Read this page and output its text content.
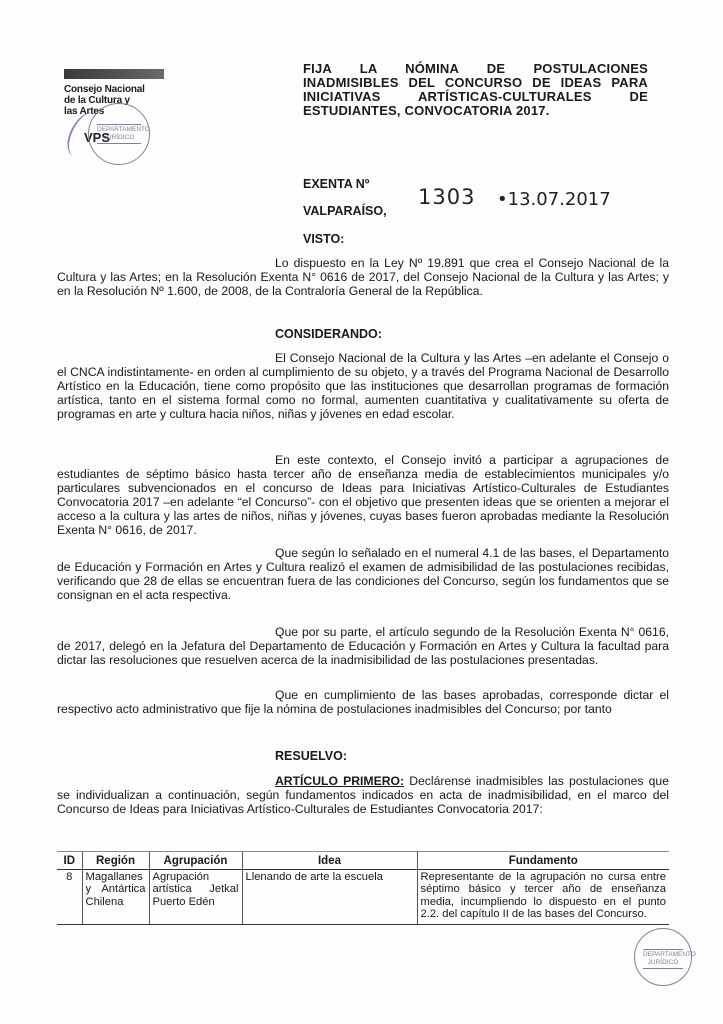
Consejo Nacional
de la Cultura y
las Artes
VPS
DEPARTAMENTO
JURÍDICO
FIJA LA NÓMINA DE POSTULACIONES INADMISIBLES DEL CONCURSO DE IDEAS PARA INICIATIVAS ARTÍSTICAS-CULTURALES DE ESTUDIANTES, CONVOCATORIA 2017.
EXENTA Nº
VALPARAÍSO,
1303 •13.07.2017
VISTO:
Lo dispuesto en la Ley Nº 19.891 que crea el Consejo Nacional de la Cultura y las Artes; en la Resolución Exenta N° 0616 de 2017, del Consejo Nacional de la Cultura y las Artes; y en la Resolución Nº 1.600, de 2008, de la Contraloría General de la República.
CONSIDERANDO:
El Consejo Nacional de la Cultura y las Artes –en adelante el Consejo o el CNCA indistintamente- en orden al cumplimiento de su objeto, y a través del Programa Nacional de Desarrollo Artístico en la Educación, tiene como propósito que las instituciones que desarrollan programas de formación artística, tanto en el sistema formal como no formal, aumenten cuantitativa y cualitativamente su oferta de programas en arte y cultura hacia niños, niñas y jóvenes en edad escolar.
En este contexto, el Consejo invitó a participar a agrupaciones de estudiantes de séptimo básico hasta tercer año de enseñanza media de establecimientos municipales y/o particulares subvencionados en el concurso de Ideas para Iniciativas Artístico-Culturales de Estudiantes Convocatoria 2017 –en adelante “el Concurso”- con el objetivo que presenten ideas que se orienten a mejorar el acceso a la cultura y las artes de niños, niñas y jóvenes, cuyas bases fueron aprobadas mediante la Resolución Exenta N° 0616, de 2017.
Que según lo señalado en el numeral 4.1 de las bases, el Departamento de Educación y Formación en Artes y Cultura realizó el examen de admisibilidad de las postulaciones recibidas, verificando que 28 de ellas se encuentran fuera de las condiciones del Concurso, según los fundamentos que se consignan en el acta respectiva.
Que por su parte, el artículo segundo de la Resolución Exenta N° 0616, de 2017, delegó en la Jefatura del Departamento de Educación y Formación en Artes y Cultura la facultad para dictar las resoluciones que resuelven acerca de la inadmisibilidad de las postulaciones presentadas.
Que en cumplimiento de las bases aprobadas, corresponde dictar el respectivo acto administrativo que fije la nómina de postulaciones inadmisibles del Concurso; por tanto
RESUELVO:
ARTÍCULO PRIMERO: Declárense inadmisibles las postulaciones que se individualizan a continuación, según fundamentos indicados en acta de inadmisibilidad, en el marco del Concurso de Ideas para Iniciativas Artístico-Culturales de Estudiantes Convocatoria 2017:
ID	Región	Agrupación	Idea	Fundamento
8	Magallanes y Antártica Chilena	Agrupación artística Jetkal Puerto Edén	Llenando de arte la escuela	Representante de la agrupación no cursa entre séptimo básico y tercer año de enseñanza media, incumpliendo lo dispuesto en el punto 2.2. del capítulo II de las bases del Concurso.
DEPARTAMENTO
JURÍDICO
